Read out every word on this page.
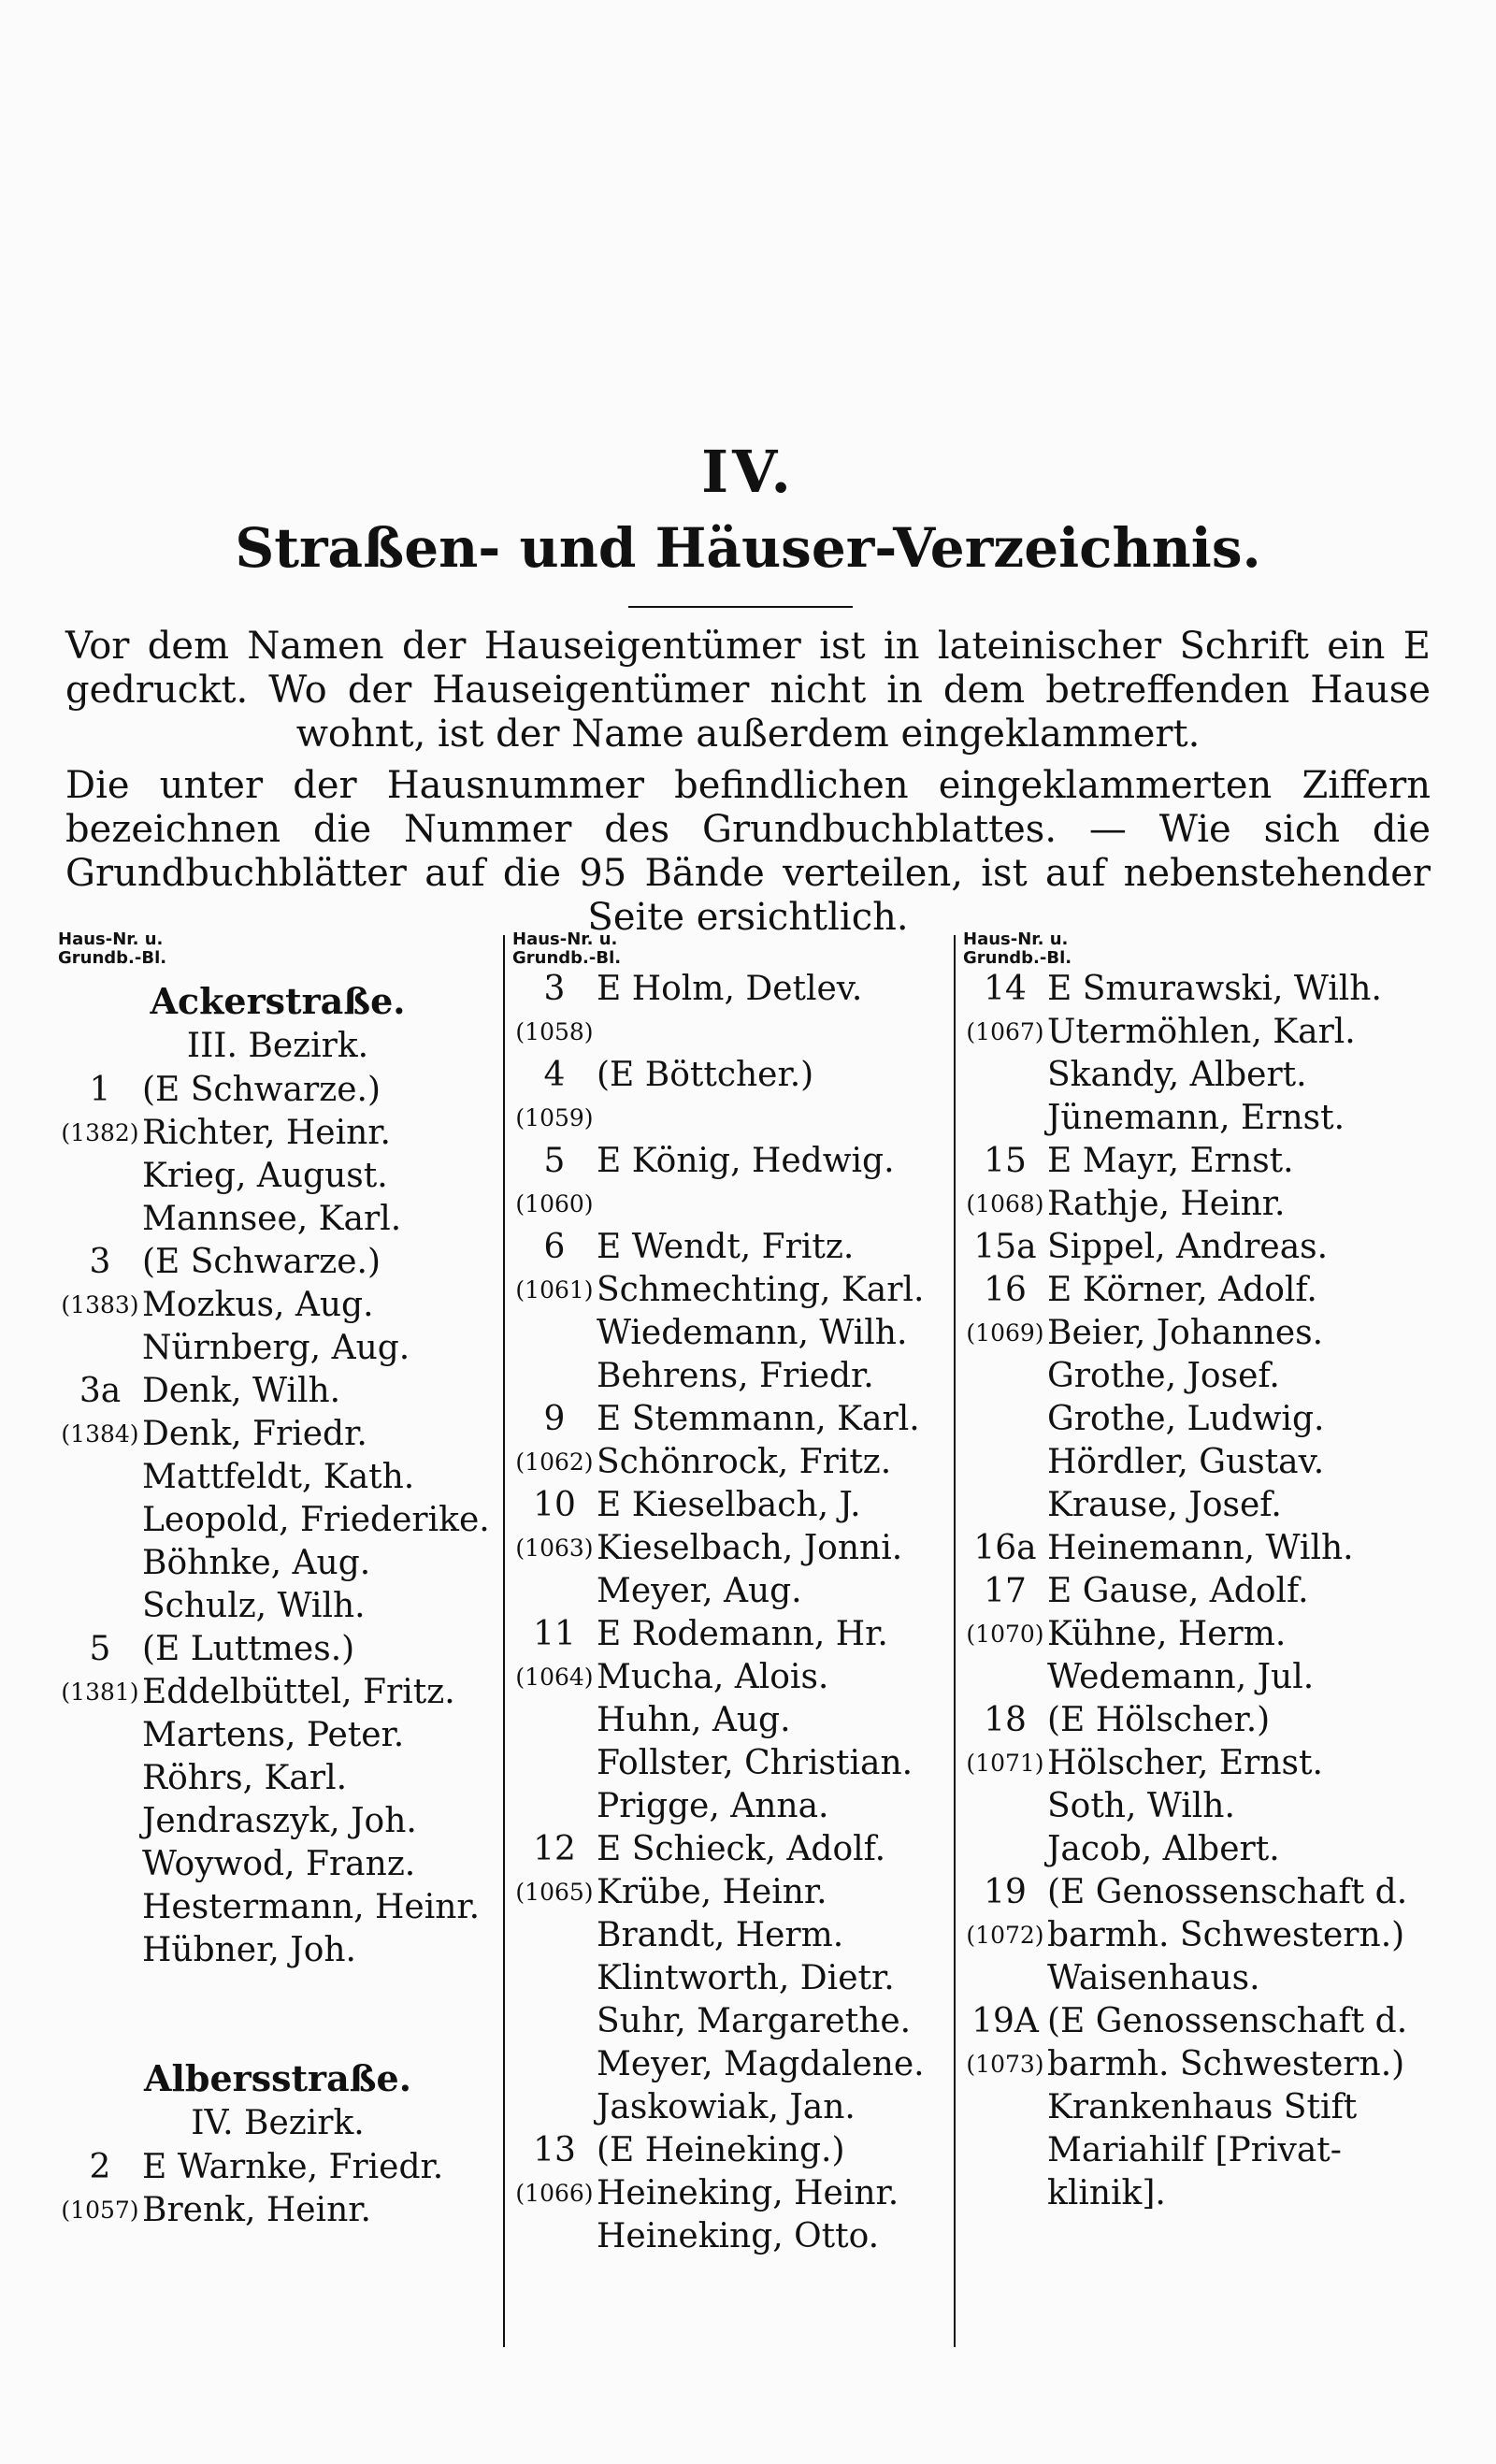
IV.
Straßen- und Häuser-Verzeichnis.

Vor dem Namen der Hauseigentümer ist in lateinischer Schrift ein E gedruckt. Wo der Hauseigentümer nicht in dem betreffenden Hause wohnt, ist der Name außerdem eingeklammert.

Die unter der Hausnummer befindlichen eingeklammerten Ziffern bezeichnen die Nummer des Grundbuchblattes. — Wie sich die Grundbuchblätter auf die 95 Bände verteilen, ist auf nebenstehender Seite ersichtlich.

Haus-Nr. u.
Grundb.-Bl.
Ackerstraße.
III. Bezirk.
1 (E Schwarze.)
(1382) Richter, Heinr.
Krieg, August.
Mannsee, Karl.
3 (E Schwarze.)
(1383) Mozkus, Aug.
Nürnberg, Aug.
3a Denk, Wilh.
(1384) Denk, Friedr.
Mattfeldt, Kath.
Leopold, Friederike.
Böhnke, Aug.
Schulz, Wilh.
5 (E Luttmes.)
(1381) Eddelbüttel, Fritz.
Martens, Peter.
Röhrs, Karl.
Jendraszyk, Joh.
Woywod, Franz.
Hestermann, Heinr.
Hübner, Joh.
Albersstraße.
IV. Bezirk.
2 E Warnke, Friedr.
(1057) Brenk, Heinr.
Haus-Nr. u.
Grundb.-Bl.
3 E Holm, Detlev.
(1058)
4 (E Böttcher.)
(1059)
5 E König, Hedwig.
(1060)
6 E Wendt, Fritz.
(1061) Schmechting, Karl.
Wiedemann, Wilh.
Behrens, Friedr.
9 E Stemmann, Karl.
(1062) Schönrock, Fritz.
10 E Kieselbach, J.
(1063) Kieselbach, Jonni.
Meyer, Aug.
11 E Rodemann, Hr.
(1064) Mucha, Alois.
Huhn, Aug.
Follster, Christian.
Prigge, Anna.
12 E Schieck, Adolf.
(1065) Krübe, Heinr.
Brandt, Herm.
Klintworth, Dietr.
Suhr, Margarethe.
Meyer, Magdalene.
Jaskowiak, Jan.
13 (E Heineking.)
(1066) Heineking, Heinr.
Heineking, Otto.
Haus-Nr. u.
Grundb.-Bl.
14 E Smurawski, Wilh.
(1067) Utermöhlen, Karl.
Skandy, Albert.
Jünemann, Ernst.
15 E Mayr, Ernst.
(1068) Rathje, Heinr.
15a Sippel, Andreas.
16 E Körner, Adolf.
(1069) Beier, Johannes.
Grothe, Josef.
Grothe, Ludwig.
Hördler, Gustav.
Krause, Josef.
16a Heinemann, Wilh.
17 E Gause, Adolf.
(1070) Kühne, Herm.
Wedemann, Jul.
18 (E Hölscher.)
(1071) Hölscher, Ernst.
Soth, Wilh.
Jacob, Albert.
19 (E Genossenschaft d.
(1072) barmh. Schwestern.)
Waisenhaus.
19A (E Genossenschaft d.
(1073) barmh. Schwestern.)
Krankenhaus Stift
Mariahilf [Privat-
klinik].
